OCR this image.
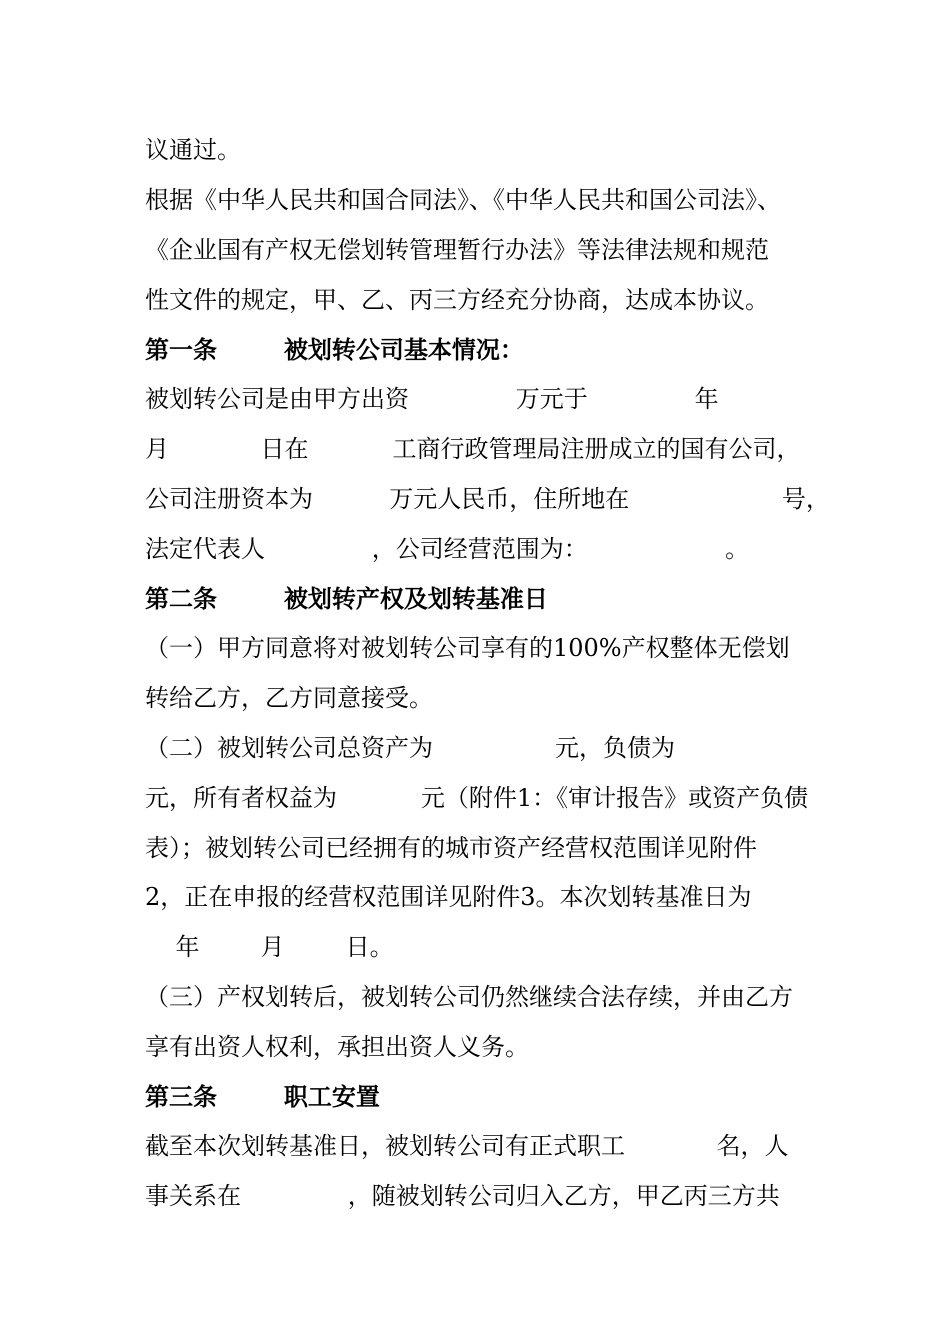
议通过。
根据《中华人民共和国合同法》、《中华人民共和国公司法》、
《企业国有产权无偿划转管理暂行办法》等法律法规和规范
性文件的规定，甲、乙、丙三方经充分协商，达成本协议。
第一条        被划转公司基本情况：
被划转公司是由甲方出资              万元于              年
月            日在           工商行政管理局注册成立的国有公司，
公司注册资本为          万元人民币，住所地在                    号，
法定代表人              ，公司经营范围为：                  。
第二条        被划转产权及划转基准日
（一）甲方同意将对被划转公司享有的100%产权整体无偿划
转给乙方，乙方同意接受。
（二）被划转公司总资产为                元，负债为
元，所有者权益为           元（附件1：《审计报告》或资产负债
表）；被划转公司已经拥有的城市资产经营权范围详见附件
2，正在申报的经营权范围详见附件3。本次划转基准日为
年        月        日。
（三）产权划转后，被划转公司仍然继续合法存续，并由乙方
享有出资人权利，承担出资人义务。
第三条        职工安置
截至本次划转基准日，被划转公司有正式职工            名，人
事关系在              ，随被划转公司归入乙方，甲乙丙三方共
